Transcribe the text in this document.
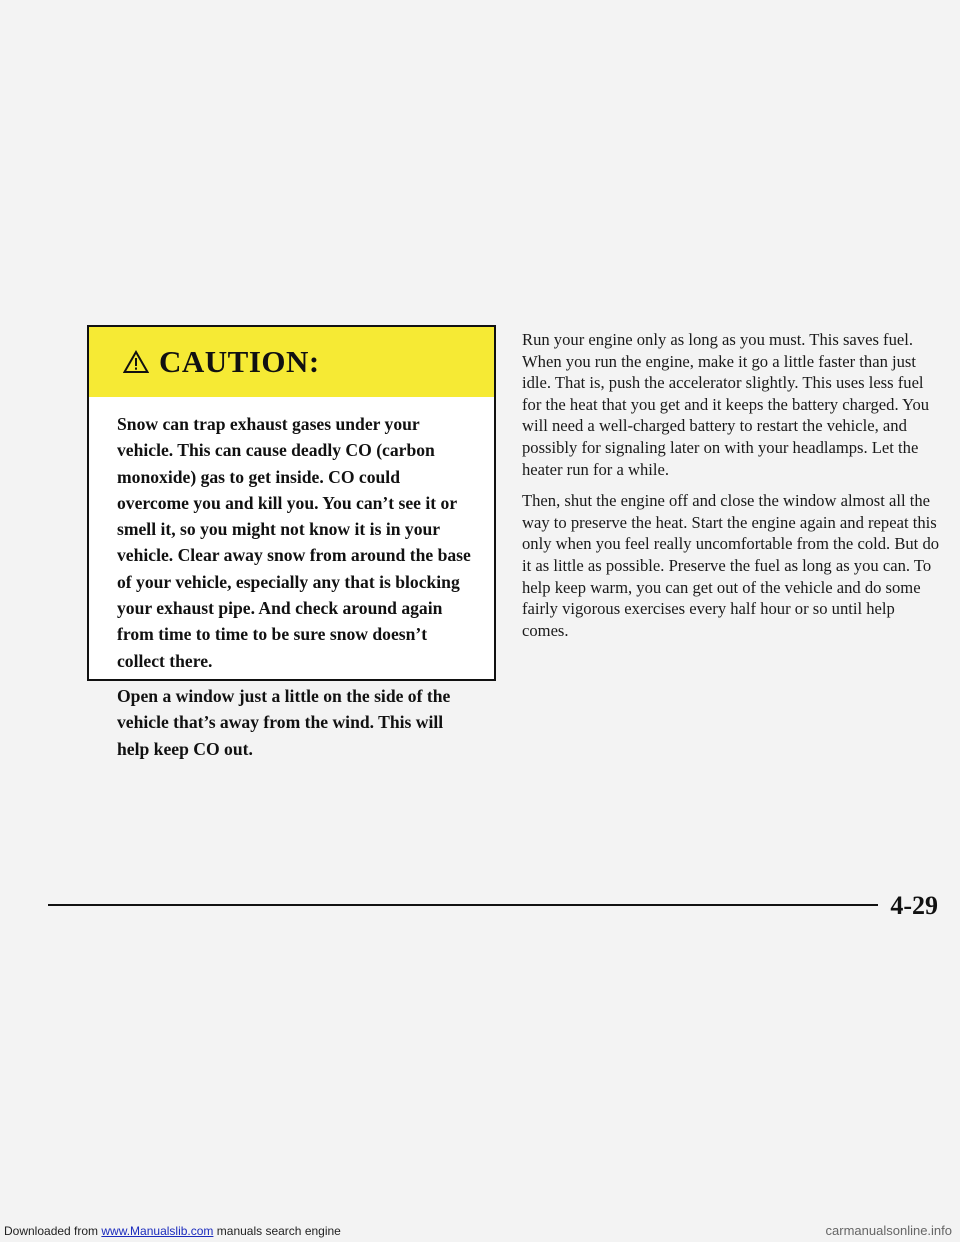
CAUTION:

Snow can trap exhaust gases under your vehicle. This can cause deadly CO (carbon monoxide) gas to get inside. CO could overcome you and kill you. You can’t see it or smell it, so you might not know it is in your vehicle. Clear away snow from around the base of your vehicle, especially any that is blocking your exhaust pipe. And check around again from time to time to be sure snow doesn’t collect there.

Open a window just a little on the side of the vehicle that’s away from the wind. This will help keep CO out.

Run your engine only as long as you must. This saves fuel. When you run the engine, make it go a little faster than just idle. That is, push the accelerator slightly. This uses less fuel for the heat that you get and it keeps the battery charged. You will need a well-charged battery to restart the vehicle, and possibly for signaling later on with your headlamps. Let the heater run for a while.

Then, shut the engine off and close the window almost all the way to preserve the heat. Start the engine again and repeat this only when you feel really uncomfortable from the cold. But do it as little as possible. Preserve the fuel as long as you can. To help keep warm, you can get out of the vehicle and do some fairly vigorous exercises every half hour or so until help comes.

4-29
Downloaded from www.Manualslib.com manuals search engine	carmanualsonline.info
